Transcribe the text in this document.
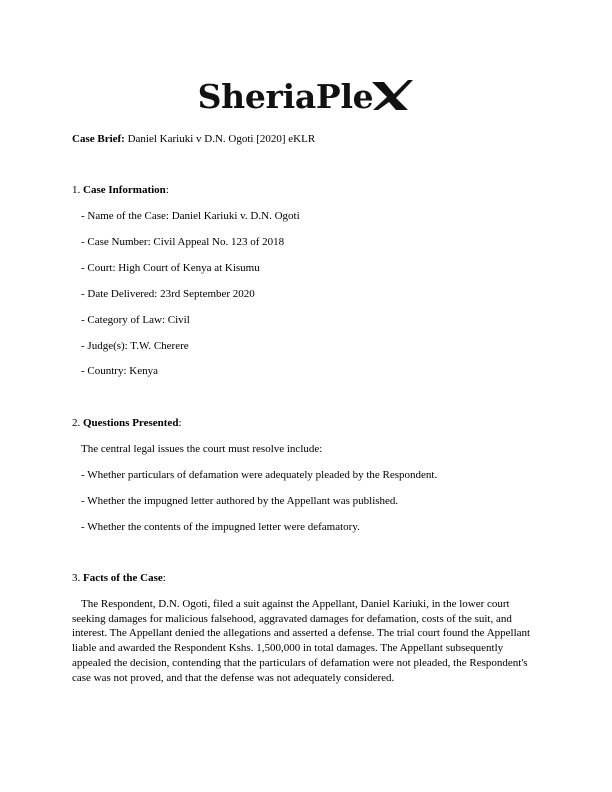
SheriaPle
Case Brief: Daniel Kariuki v D.N. Ogoti [2020] eKLR
1. Case Information:
- Name of the Case: Daniel Kariuki v. D.N. Ogoti
- Case Number: Civil Appeal No. 123 of 2018
- Court: High Court of Kenya at Kisumu
- Date Delivered: 23rd September 2020
- Category of Law: Civil
- Judge(s): T.W. Cherere
- Country: Kenya
2. Questions Presented:
The central legal issues the court must resolve include:
- Whether particulars of defamation were adequately pleaded by the Respondent.
- Whether the impugned letter authored by the Appellant was published.
- Whether the contents of the impugned letter were defamatory.
3. Facts of the Case:
The Respondent, D.N. Ogoti, filed a suit against the Appellant, Daniel Kariuki, in the lower court seeking damages for malicious falsehood, aggravated damages for defamation, costs of the suit, and interest. The Appellant denied the allegations and asserted a defense. The trial court found the Appellant liable and awarded the Respondent Kshs. 1,500,000 in total damages. The Appellant subsequently appealed the decision, contending that the particulars of defamation were not pleaded, the Respondent's case was not proved, and that the defense was not adequately considered.
